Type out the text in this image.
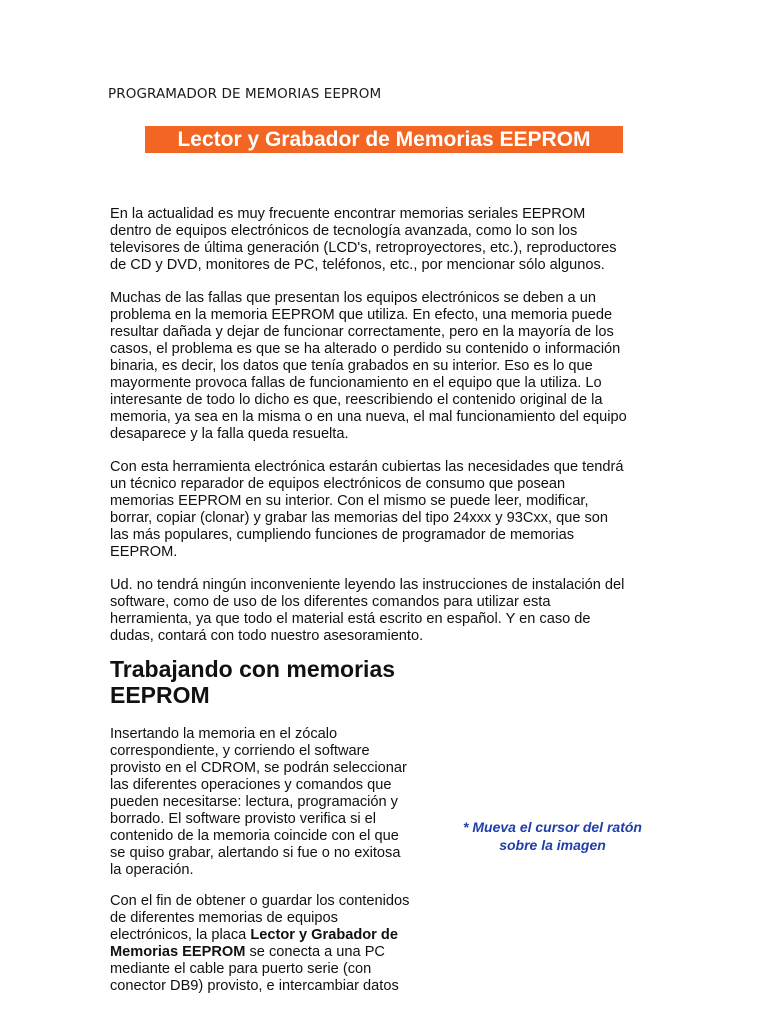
PROGRAMADOR DE MEMORIAS EEPROM
Lector y Grabador de Memorias EEPROM

En la actualidad es muy frecuente encontrar memorias seriales EEPROM
dentro de equipos electrónicos de tecnología avanzada, como lo son los
televisores de última generación (LCD's, retroproyectores, etc.), reproductores
de CD y DVD, monitores de PC, teléfonos, etc., por mencionar sólo algunos.

Muchas de las fallas que presentan los equipos electrónicos se deben a un
problema en la memoria EEPROM que utiliza. En efecto, una memoria puede
resultar dañada y dejar de funcionar correctamente, pero en la mayoría de los
casos, el problema es que se ha alterado o perdido su contenido o información
binaria, es decir, los datos que tenía grabados en su interior. Eso es lo que
mayormente provoca fallas de funcionamiento en el equipo que la utiliza. Lo
interesante de todo lo dicho es que, reescribiendo el contenido original de la
memoria, ya sea en la misma o en una nueva, el mal funcionamiento del equipo
desaparece y la falla queda resuelta.

Con esta herramienta electrónica estarán cubiertas las necesidades que tendrá
un técnico reparador de equipos electrónicos de consumo que posean
memorias EEPROM en su interior. Con el mismo se puede leer, modificar,
borrar, copiar (clonar) y grabar las memorias del tipo 24xxx y 93Cxx, que son
las más populares, cumpliendo funciones de programador de memorias
EEPROM.

Ud. no tendrá ningún inconveniente leyendo las instrucciones de instalación del
software, como de uso de los diferentes comandos para utilizar esta
herramienta, ya que todo el material está escrito en español. Y en caso de
dudas, contará con todo nuestro asesoramiento.

Trabajando con memorias
EEPROM

Insertando la memoria en el zócalo
correspondiente, y corriendo el software
provisto en el CDROM, se podrán seleccionar
las diferentes operaciones y comandos que
pueden necesitarse: lectura, programación y
borrado. El software provisto verifica si el
contenido de la memoria coincide con el que
se quiso grabar, alertando si fue o no exitosa
la operación.

Con el fin de obtener o guardar los contenidos
de diferentes memorias de equipos
electrónicos, la placa Lector y Grabador de
Memorias EEPROM se conecta a una PC
mediante el cable para puerto serie (con
conector DB9) provisto, e intercambiar datos

* Mueva el cursor del ratón
sobre la imagen
